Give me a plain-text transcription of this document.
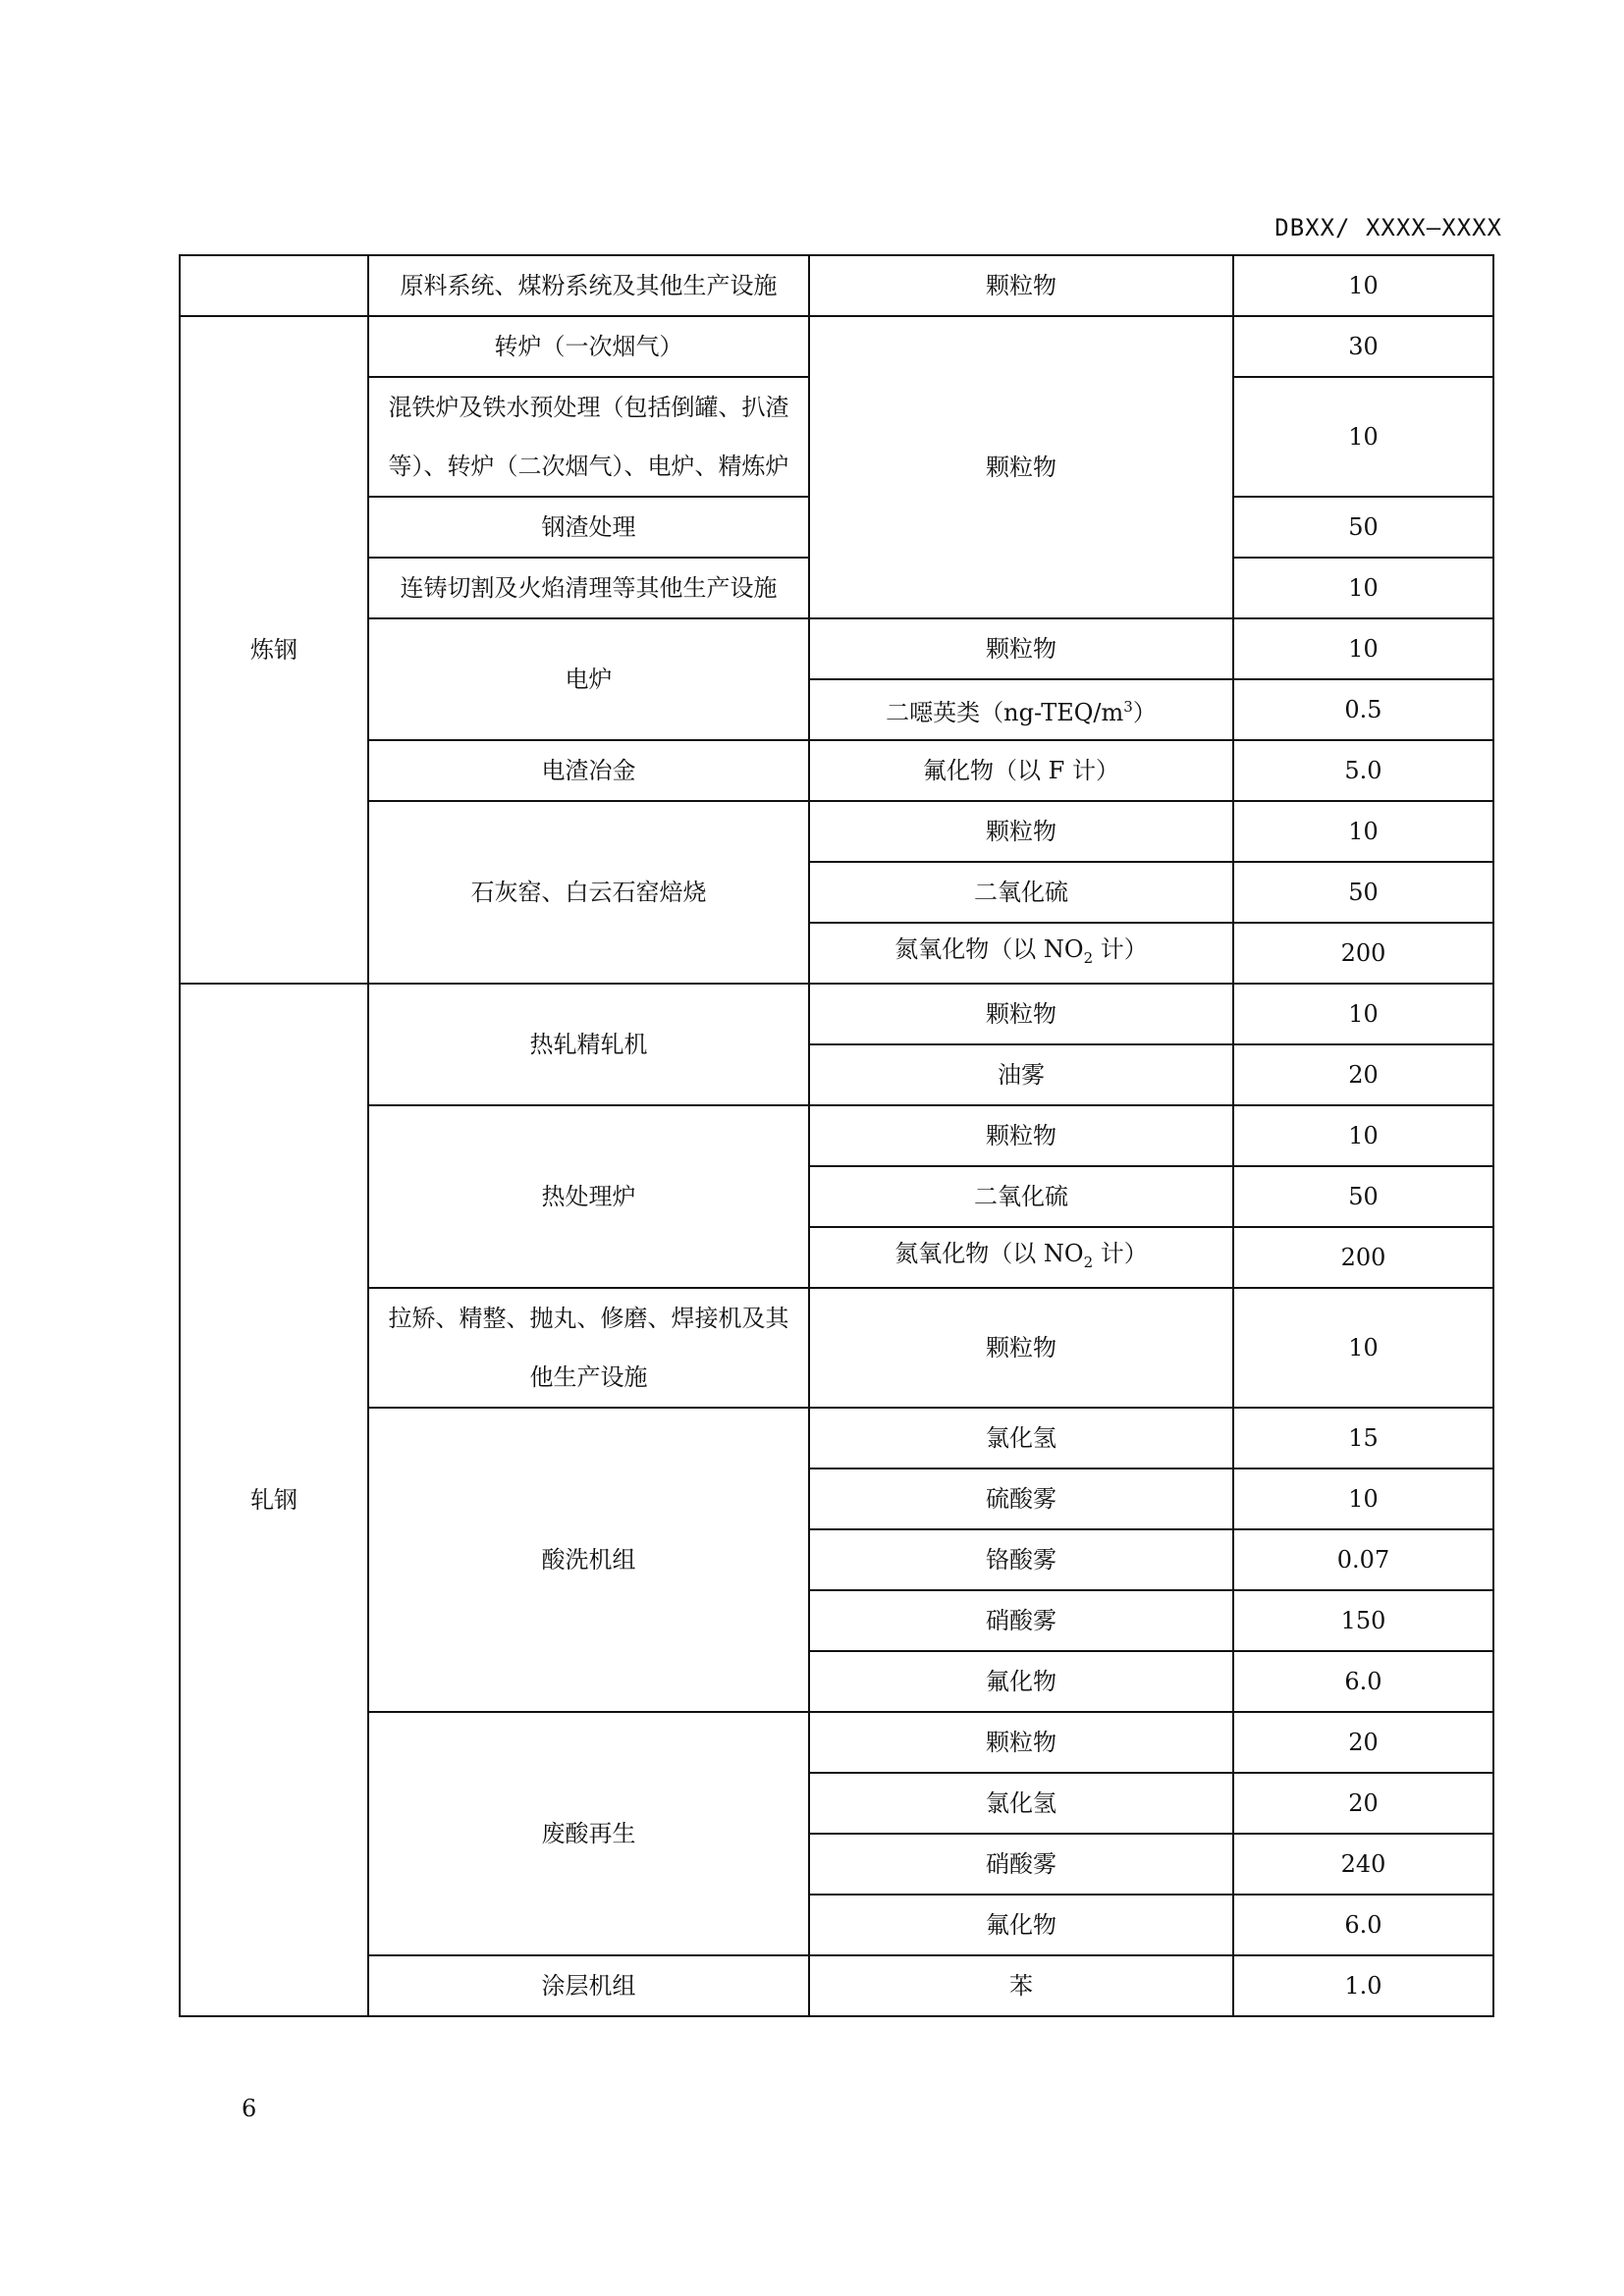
DBXX/ XXXX—XXXX
	原料系统、煤粉系统及其他生产设施	颗粒物	10
炼钢	转炉（一次烟气）	颗粒物	30
	混铁炉及铁水预处理（包括倒罐、扒渣等）、转炉（二次烟气）、电炉、精炼炉		10
	钢渣处理		50
	连铸切割及火焰清理等其他生产设施		10
	电炉	颗粒物	10
		二噁英类$(ng-TEQ/m^3)$	0.5
	电渣冶金	氟化物（以 F 计）	5.0
	石灰窑、白云石窑焙烧	颗粒物	10
		二氧化硫	50
		氮氧化物（以 $NO_2$ 计）	200
轧钢	热轧精轧机	颗粒物	10
		油雾	20
	热处理炉	颗粒物	10
		二氧化硫	50
		氮氧化物（以 $NO_2$ 计）	200
	拉矫、精整、抛丸、修磨、焊接机及其他生产设施	颗粒物	10
	酸洗机组	氯化氢	15
		硫酸雾	10
		铬酸雾	0.07
		硝酸雾	150
		氟化物	6.0
	废酸再生	颗粒物	20
		氯化氢	20
		硝酸雾	240
		氟化物	6.0
	涂层机组	苯	1.0
6
